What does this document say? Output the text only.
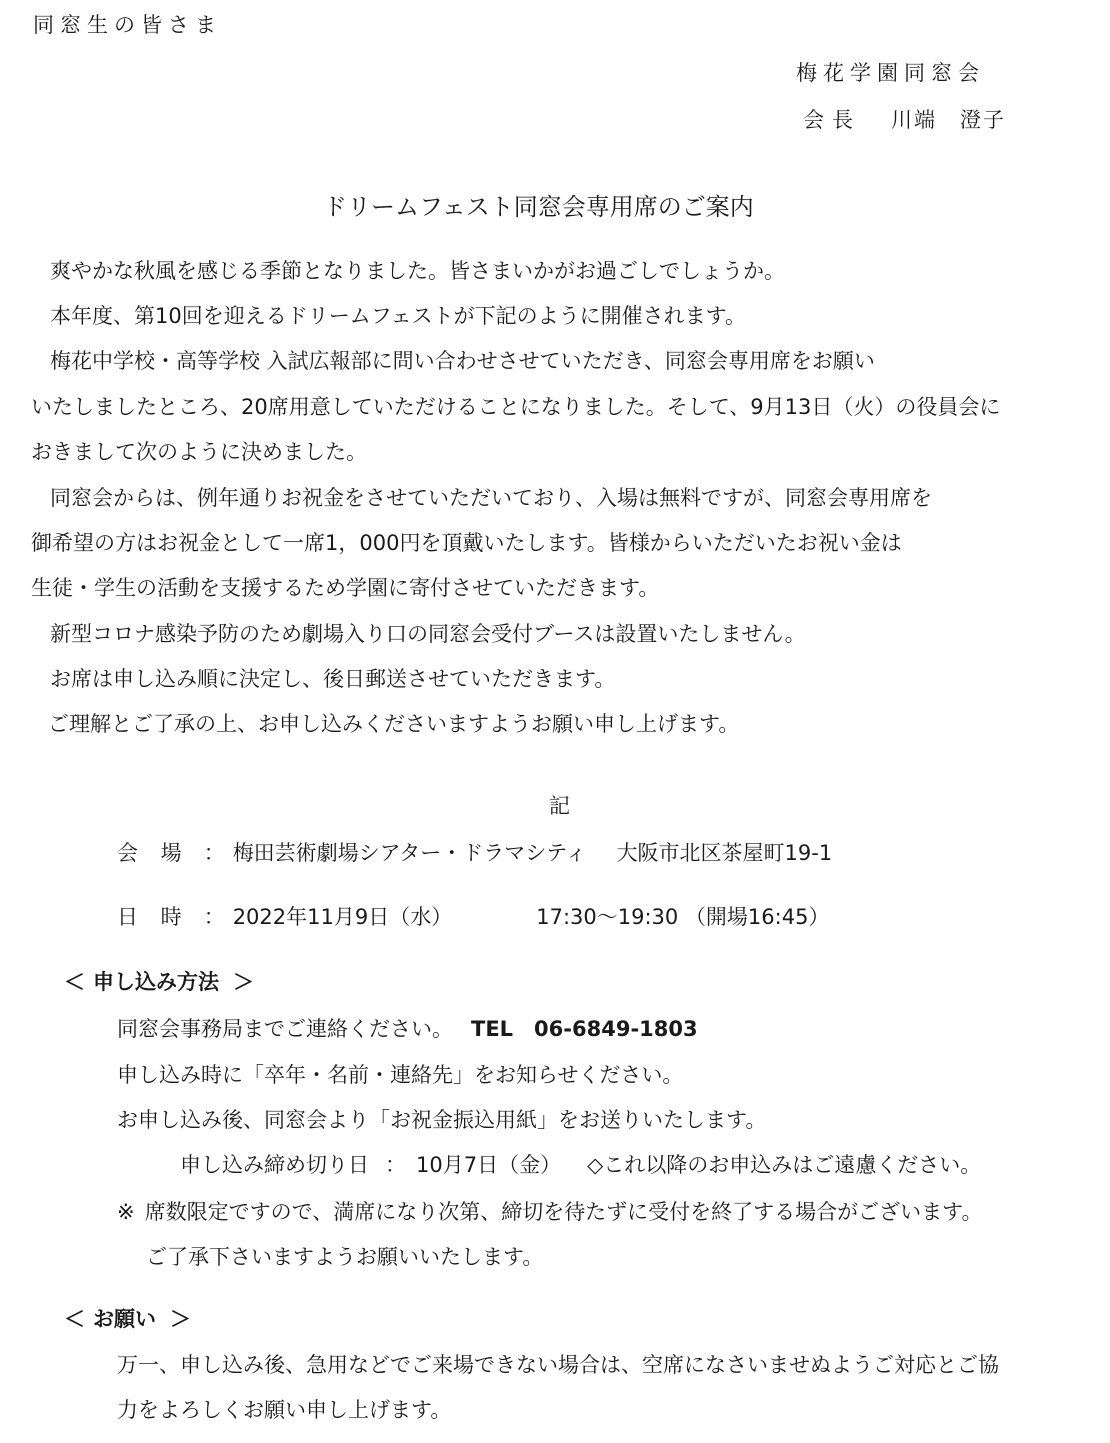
同窓生の皆さま
梅花学園同窓会
会長 川端　澄子
ドリームフェスト同窓会専用席のご案内
爽やかな秋風を感じる季節となりました。皆さまいかがお過ごしでしょうか。
本年度、第10回を迎えるドリームフェストが下記のように開催されます。
梅花中学校・高等学校 入試広報部に問い合わせさせていただき、同窓会専用席をお願い
いたしましたところ、20席用意していただけることになりました。そして、9月13日（火）の役員会に
おきまして次のように決めました。
同窓会からは、例年通りお祝金をさせていただいており、入場は無料ですが、同窓会専用席を
御希望の方はお祝金として一席1，000円を頂戴いたします。皆様からいただいたお祝い金は
生徒・学生の活動を支援するため学園に寄付させていただきます。
新型コロナ感染予防のため劇場入り口の同窓会受付ブースは設置いたしません。
お席は申し込み順に決定し、後日郵送させていただきます。
ご理解とご了承の上、お申し込みくださいますようお願い申し上げます。
記
会 場 ： 梅田芸術劇場シアター・ドラマシティ 大阪市北区茶屋町19-1
日 時 ： 2022年11月9日（水）	17:30～19:30 （開場16:45）
＜ 申し込み方法 ＞
同窓会事務局までご連絡ください。 TEL　06-6849-1803
申し込み時に「卒年・名前・連絡先」をお知らせください。
お申し込み後、同窓会より「お祝金振込用紙」をお送りいたします。
申し込み締め切り日 ： 10月7日（金） ◇これ以降のお申込みはご遠慮ください。
※ 席数限定ですので、満席になり次第、締切を待たずに受付を終了する場合がございます。
ご了承下さいますようお願いいたします。
＜ お願い ＞
万一、申し込み後、急用などでご来場できない場合は、空席になさいませぬようご対応とご協
力をよろしくお願い申し上げます。
